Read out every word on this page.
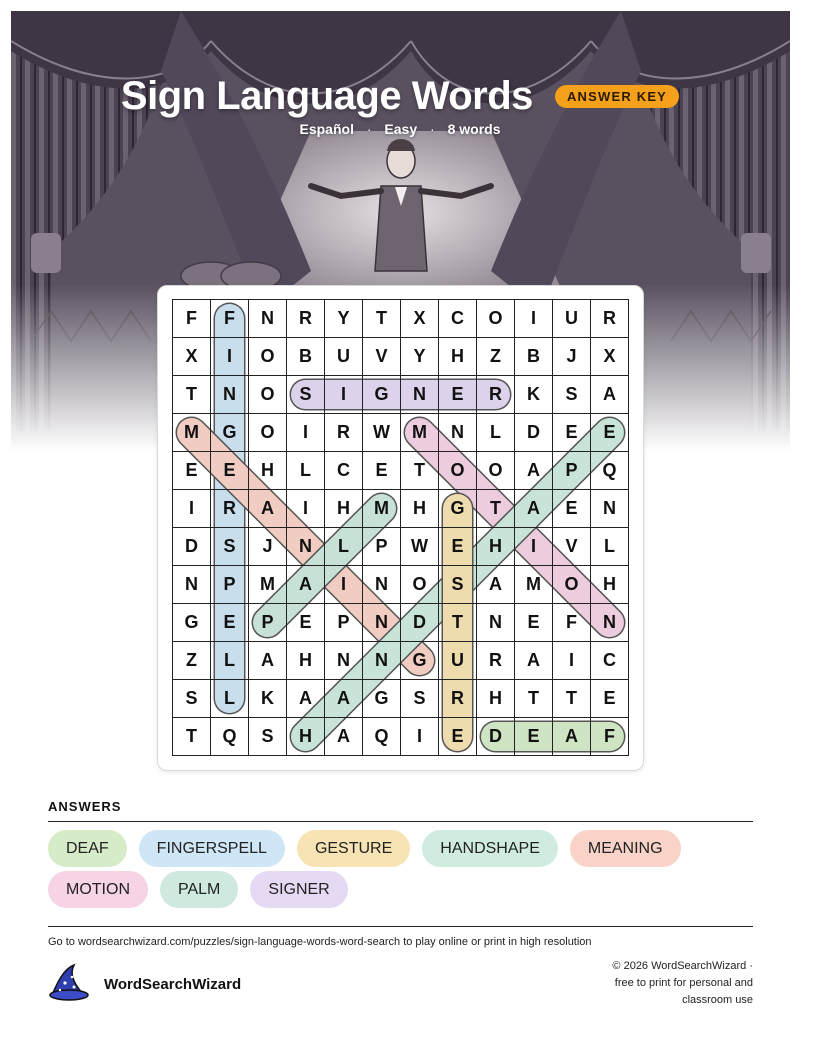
Sign Language Words	ANSWER KEY
Español · Easy · 8 words
F	F	N	R	Y	T	X	C	O	I	U	R
X	I	O	B	U	V	Y	H	Z	B	J	X
T	N	O	S	I	G	N	E	R	K	S	A
M	G	O	I	R	W	M	N	L	D	E	E
E	E	H	L	C	E	T	O	O	A	P	Q
I	R	A	I	H	M	H	G	T	A	E	N
D	S	J	N	L	P	W	E	H	I	V	L
N	P	M	A	I	N	O	S	A	M	O	H
G	E	P	E	P	N	D	T	N	E	F	N
Z	L	A	H	N	N	G	U	R	A	I	C
S	L	K	A	A	G	S	R	H	T	T	E
T	Q	S	H	A	Q	I	E	D	E	A	F
ANSWERS
DEAF	FINGERSPELL	GESTURE	HANDSHAPE	MEANING
MOTION	PALM	SIGNER
Go to wordsearchwizard.com/puzzles/sign-language-words-word-search to play online or print in high resolution
WordSearchWizard
© 2026 WordSearchWizard ·
free to print for personal and
classroom use
